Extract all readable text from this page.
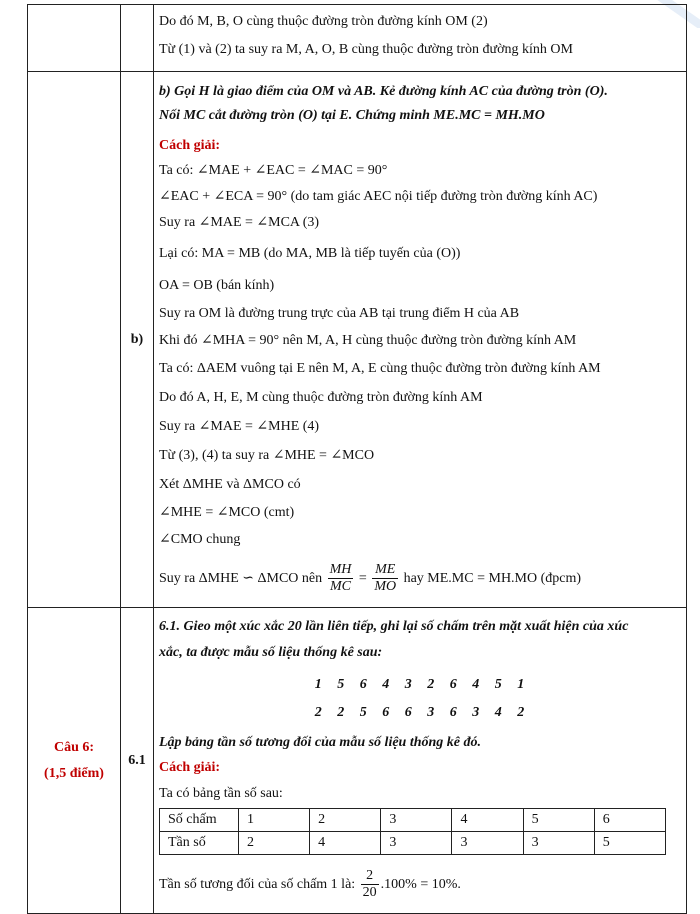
Do đó M, B, O cùng thuộc đường tròn đường kính OM (2)
Từ (1) và (2) ta suy ra M, A, O, B cùng thuộc đường tròn đường kính OM

	b)	
b) Gọi H là giao điểm của OM và AB. Kẻ đường kính AC của đường tròn (O).
Nối MC cắt đường tròn (O) tại E. Chứng minh ME.MC = MH.MO
Cách giải:
Ta có: ∠MAE + ∠EAC = ∠MAC = 90°
∠EAC + ∠ECA = 90° (do tam giác AEC nội tiếp đường tròn đường kính AC)
Suy ra ∠MAE = ∠MCA (3)
Lại có: MA = MB (do MA, MB là tiếp tuyến của (O))
OA = OB (bán kính)
Suy ra OM là đường trung trực của AB tại trung điểm H của AB
Khi đó ∠MHA = 90° nên M, A, H cùng thuộc đường tròn đường kính AM
Ta có: ΔAEM vuông tại E nên M, A, E cùng thuộc đường tròn đường kính AM
Do đó A, H, E, M cùng thuộc đường tròn đường kính AM
Suy ra ∠MAE = ∠MHE (4)
Từ (3), (4) ta suy ra ∠MHE = ∠MCO
Xét ΔMHE và ΔMCO có
∠MHE = ∠MCO (cmt)
∠CMO chung
Suy ra ΔMHE ∽ ΔMCO nên $\frac{MH}{MC} = \frac{ME}{MO}$ hay ME.MC = MH.MO (đpcm)

Câu 6:
(1,5 điểm)
	6.1	
6.1. Gieo một xúc xắc 20 lần liên tiếp, ghi lại số chấm trên mặt xuất hiện của xúc
xắc, ta được mẫu số liệu thống kê sau:
1 5 6 4 3 2 6 4 5 1
2 2 5 6 6 3 6 3 4 2
Lập bảng tần số tương đối của mẫu số liệu thống kê đó.
Cách giải:
Ta có bảng tần số sau:
Số chấm	1	2	3	4	5	6
Tần số	2	4	3	3	3	5
Tần số tương đối của số chấm 1 là: $\frac{2}{20} .100\% = 10\%$.
